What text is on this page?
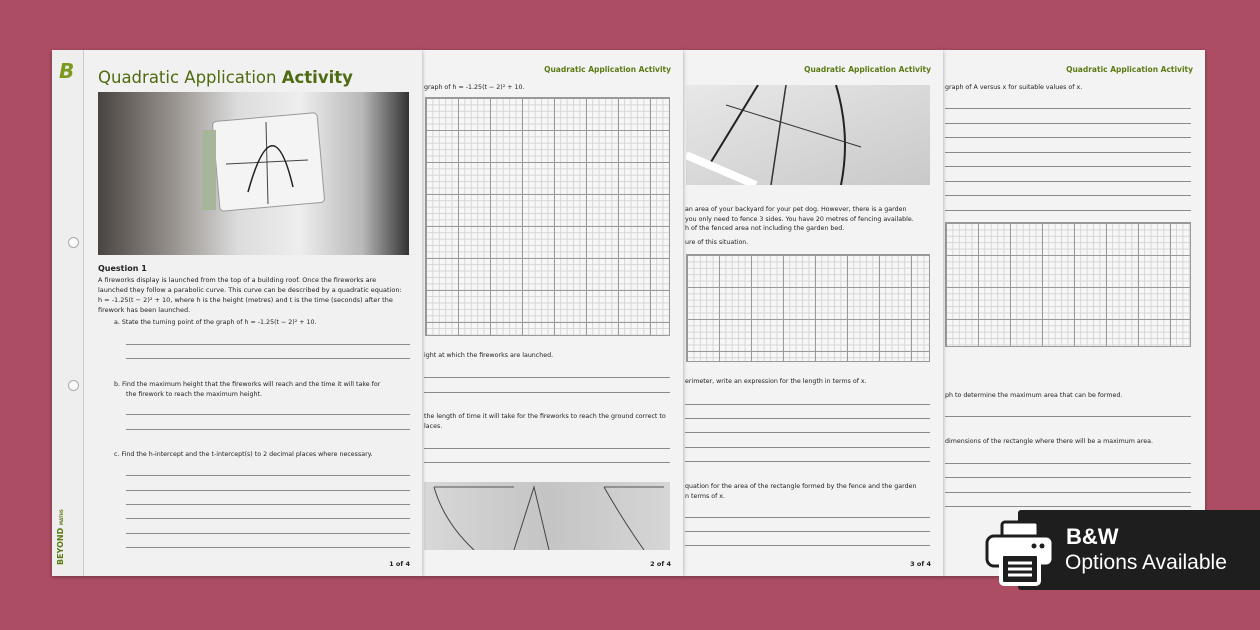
Quadratic Application Activity
graph of A versus x for suitable values of x.
ph to determine the maximum area that can be formed.
dimensions of the rectangle where there will be a maximum area.
Quadratic Application Activity
an area of your backyard for your pet dog. However, there is a garden
you only need to fence 3 sides. You have 20 metres of fencing available.
h of the fenced area not including the garden bed.
ure of this situation.
erimeter, write an expression for the length in terms of x.
quation for the area of the rectangle formed by the fence and the garden
n terms of x.
3 of 4
Quadratic Application Activity
graph of h = -1.25(t − 2)² + 10.
ight at which the fireworks are launched.
the length of time it will take for the fireworks to reach the ground correct to
laces.
2 of 4
B
BEYOND MATHS
Quadratic Application Activity
Question 1
A fireworks display is launched from the top of a building roof. Once the fireworks are
launched they follow a parabolic curve. This curve can be described by a quadratic equation:
h = -1.25(t − 2)² + 10, where h is the height (metres) and t is the time (seconds) after the
firework has been launched.
a. State the turning point of the graph of h = -1.25(t − 2)² + 10.
b. Find the maximum height that the fireworks will reach and the time it will take for
the firework to reach the maximum height.
c. Find the h-intercept and the t-intercept(s) to 2 decimal places where necessary.
1 of 4
B&W
Options Available
